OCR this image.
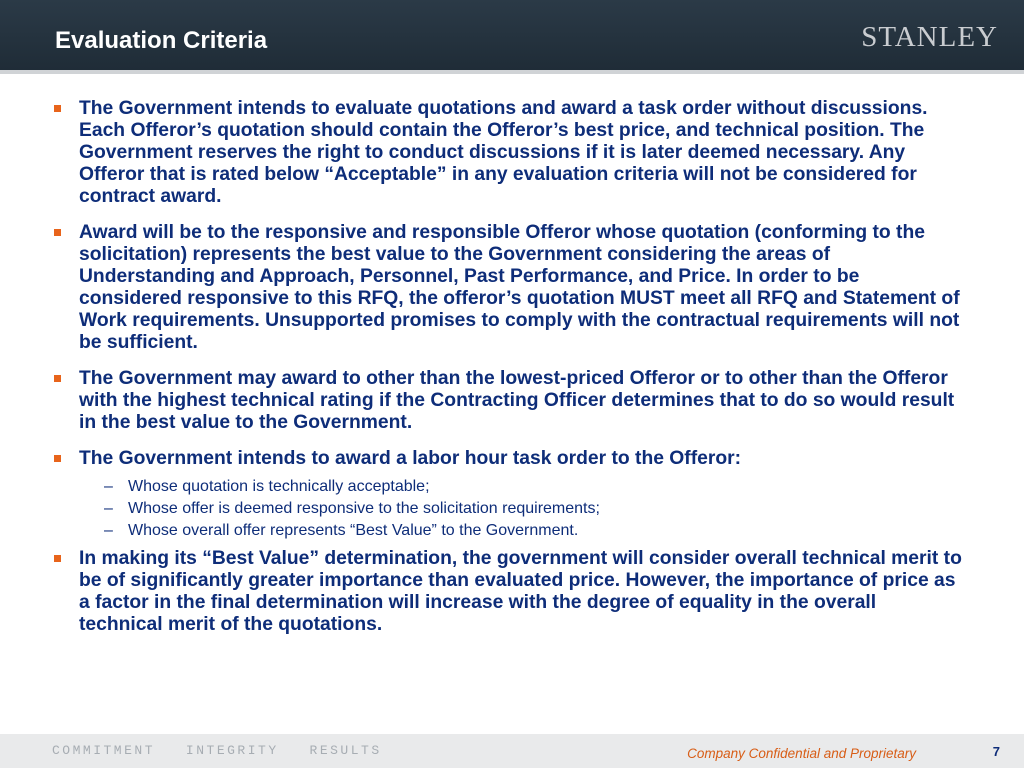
Evaluation Criteria	STANLEY
The Government intends to evaluate quotations and award a task order without discussions. Each Offeror’s quotation should contain the Offeror’s best price, and technical position. The Government reserves the right to conduct discussions if it is later deemed necessary. Any Offeror that is rated below “Acceptable” in any evaluation criteria will not be considered for contract award.
Award will be to the responsive and responsible Offeror whose quotation (conforming to the solicitation) represents the best value to the Government considering the areas of Understanding and Approach, Personnel, Past Performance, and Price. In order to be considered responsive to this RFQ, the offeror’s quotation MUST meet all RFQ and Statement of Work requirements. Unsupported promises to comply with the contractual requirements will not be sufficient.
The Government may award to other than the lowest-priced Offeror or to other than the Offeror with the highest technical rating if the Contracting Officer determines that to do so would result in the best value to the Government.
The Government intends to award a labor hour task order to the Offeror:
– Whose quotation is technically acceptable;
– Whose offer is deemed responsive to the solicitation requirements;
– Whose overall offer represents “Best Value” to the Government.
In making its “Best Value” determination, the government will consider overall technical merit to be of significantly greater importance than evaluated price. However, the importance of price as a factor in the final determination will increase with the degree of equality in the overall technical merit of the quotations.
COMMITMENT   INTEGRITY   RESULTS	Company Confidential and Proprietary	7
